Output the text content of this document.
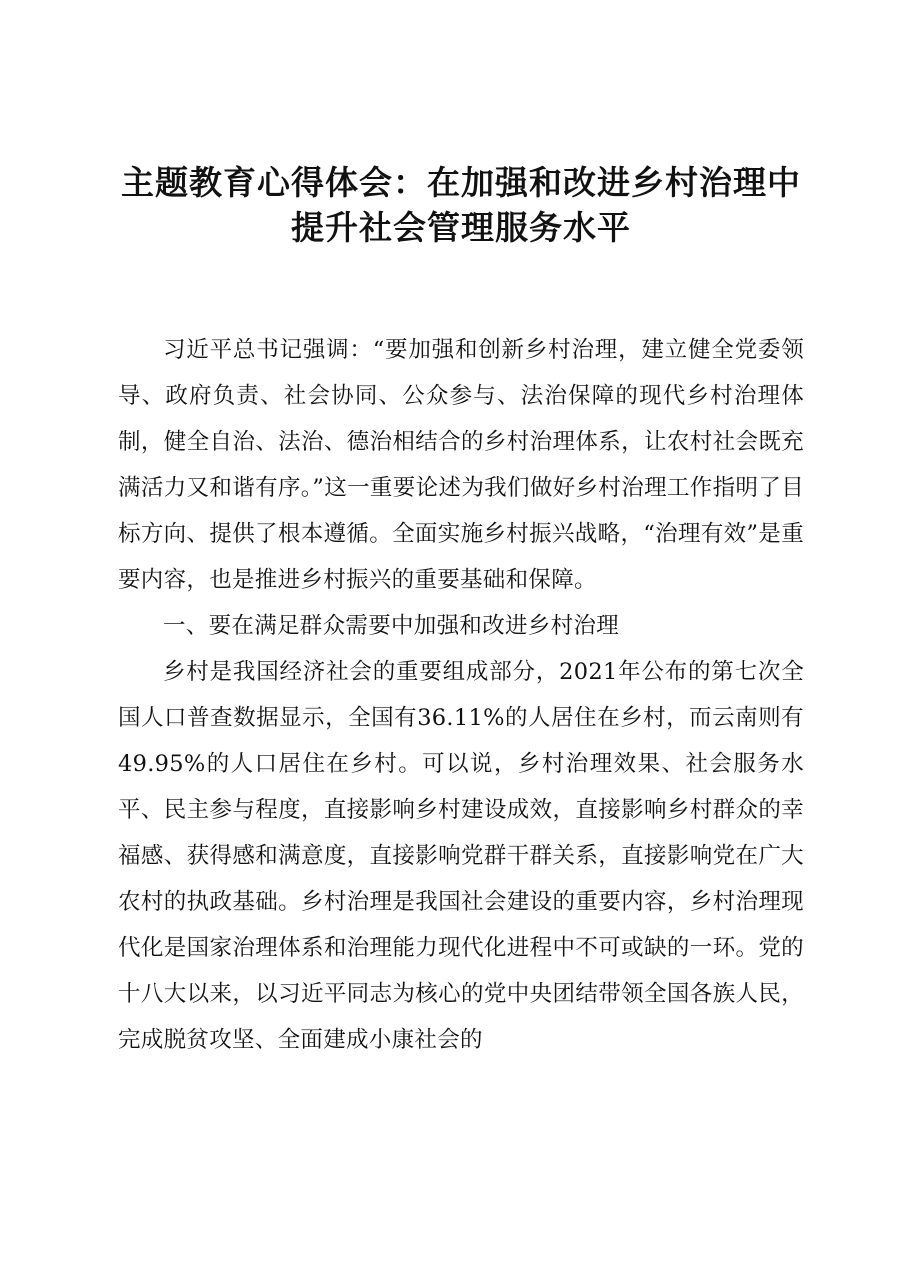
主题教育心得体会：在加强和改进乡村治理中提升社会管理服务水平

习近平总书记强调：“要加强和创新乡村治理，建立健全党委领导、政府负责、社会协同、公众参与、法治保障的现代乡村治理体制，健全自治、法治、德治相结合的乡村治理体系，让农村社会既充满活力又和谐有序。”这一重要论述为我们做好乡村治理工作指明了目标方向、提供了根本遵循。全面实施乡村振兴战略，“治理有效”是重要内容，也是推进乡村振兴的重要基础和保障。

一、要在满足群众需要中加强和改进乡村治理

乡村是我国经济社会的重要组成部分，2021年公布的第七次全国人口普查数据显示，全国有36.11%的人居住在乡村，而云南则有49.95%的人口居住在乡村。可以说，乡村治理效果、社会服务水平、民主参与程度，直接影响乡村建设成效，直接影响乡村群众的幸福感、获得感和满意度，直接影响党群干群关系，直接影响党在广大农村的执政基础。乡村治理是我国社会建设的重要内容，乡村治理现代化是国家治理体系和治理能力现代化进程中不可或缺的一环。党的十八大以来，以习近平同志为核心的党中央团结带领全国各族人民，完成脱贫攻坚、全面建成小康社会的
